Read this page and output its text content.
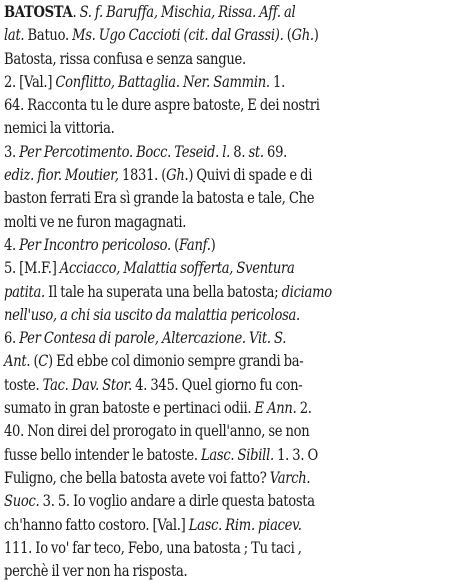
BATOSTA. S. f. Baruffa, Mischia, Rissa. Aff. al

lat. Batuo. Ms. Ugo Caccioti (cit. dal Grassi). (Gh.)

Batosta, rissa confusa e senza sangue.

2. [Val.] Conflitto, Battaglia. Ner. Sammin. 1.

64. Racconta tu le dure aspre batoste, E dei nostri

nemici la vittoria.

3. Per Percotimento. Bocc. Teseid. l. 8. st. 69.

ediz. fior. Moutier, 1831. (Gh.) Quivi di spade e di

baston ferrati Era sì grande la batosta e tale, Che

molti ve ne furon magagnati.

4. Per Incontro pericoloso. (Fanf.)

5. [M.F.] Acciacco, Malattia sofferta, Sventura

patita. Il tale ha superata una bella batosta; diciamo

nell'uso, a chi sia uscito da malattia pericolosa.

6. Per Contesa di parole, Altercazione. Vit. S.

Ant. (C) Ed ebbe col dimonio sempre grandi ba-

toste. Tac. Dav. Stor. 4. 345. Quel giorno fu con-

sumato in gran batoste e pertinaci odii. E Ann. 2.

40. Non direi del prorogato in quell'anno, se non

fusse bello intender le batoste. Lasc. Sibill. 1. 3. O

Fuligno, che bella batosta avete voi fatto? Varch.

Suoc. 3. 5. Io voglio andare a dirle questa batosta

ch'hanno fatto costoro. [Val.] Lasc. Rim. piacev.

111. Io vo' far teco, Febo, una batosta ; Tu taci ,

perchè il ver non ha risposta.
